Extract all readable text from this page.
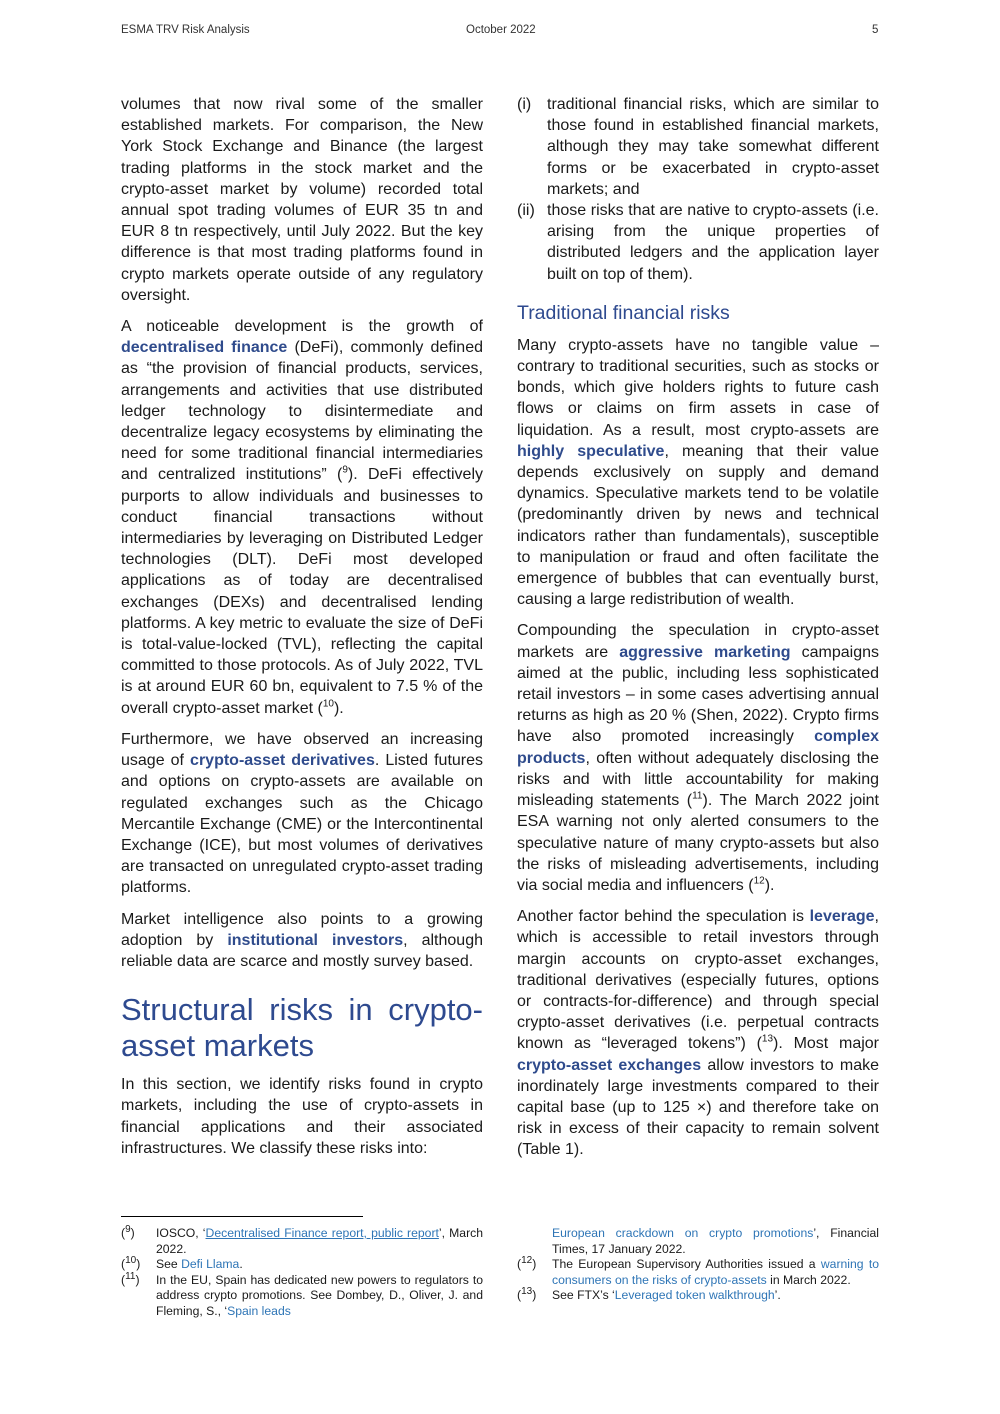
ESMA TRV Risk Analysis	October 2022	5

volumes that now rival some of the smaller established markets. For comparison, the New York Stock Exchange and Binance (the largest trading platforms in the stock market and the crypto-asset market by volume) recorded total annual spot trading volumes of EUR 35 tn and EUR 8 tn respectively, until July 2022. But the key difference is that most trading platforms found in crypto markets operate outside of any regulatory oversight.

A noticeable development is the growth of decentralised finance (DeFi), commonly defined as “the provision of financial products, services, arrangements and activities that use distributed ledger technology to disintermediate and decentralize legacy ecosystems by eliminating the need for some traditional financial intermediaries and centralized institutions” ($^9$). DeFi effectively purports to allow individuals and businesses to conduct financial transactions without intermediaries by leveraging on Distributed Ledger technologies (DLT). DeFi most developed applications as of today are decentralised exchanges (DEXs) and decentralised lending platforms. A key metric to evaluate the size of DeFi is total-value-locked (TVL), reflecting the capital committed to those protocols. As of July 2022, TVL is at around EUR 60 bn, equivalent to 7.5 % of the overall crypto-asset market ($^{10}$).

Furthermore, we have observed an increasing usage of crypto-asset derivatives. Listed futures and options on crypto-assets are available on regulated exchanges such as the Chicago Mercantile Exchange (CME) or the Intercontinental Exchange (ICE), but most volumes of derivatives are transacted on unregulated crypto-asset trading platforms.

Market intelligence also points to a growing adoption by institutional investors, although reliable data are scarce and mostly survey based.

Structural risks in crypto-asset markets

In this section, we identify risks found in crypto markets, including the use of crypto-assets in financial applications and their associated infrastructures. We classify these risks into:

(i) traditional financial risks, which are similar to those found in established financial markets, although they may take somewhat different forms or be exacerbated in crypto-asset markets; and
(ii) those risks that are native to crypto-assets (i.e. arising from the unique properties of distributed ledgers and the application layer built on top of them).
Traditional financial risks

Many crypto-assets have no tangible value – contrary to traditional securities, such as stocks or bonds, which give holders rights to future cash flows or claims on firm assets in case of liquidation. As a result, most crypto-assets are highly speculative, meaning that their value depends exclusively on supply and demand dynamics. Speculative markets tend to be volatile (predominantly driven by news and technical indicators rather than fundamentals), susceptible to manipulation or fraud and often facilitate the emergence of bubbles that can eventually burst, causing a large redistribution of wealth.

Compounding the speculation in crypto-asset markets are aggressive marketing campaigns aimed at the public, including less sophisticated retail investors – in some cases advertising annual returns as high as 20 % (Shen, 2022). Crypto firms have also promoted increasingly complex products, often without adequately disclosing the risks and with little accountability for making misleading statements ($^{11}$). The March 2022 joint ESA warning not only alerted consumers to the speculative nature of many crypto-assets but also the risks of misleading advertisements, including via social media and influencers ($^{12}$).

Another factor behind the speculation is leverage, which is accessible to retail investors through margin accounts on crypto-asset exchanges, traditional derivatives (especially futures, options or contracts-for-difference) and through special crypto-asset derivatives (i.e. perpetual contracts known as “leveraged tokens”) ($^{13}$). Most major crypto-asset exchanges allow investors to make inordinately large investments compared to their capital base (up to 125 ×) and therefore take on risk in excess of their capacity to remain solvent (Table 1).

($^9$)	IOSCO, ‘Decentralised Finance report, public report’, March 2022.
($^{10}$)	See Defi Llama.
($^{11}$)	In the EU, Spain has dedicated new powers to regulators to address crypto promotions. See Dombey, D., Oliver, J. and Fleming, S., ‘Spain leads
European crackdown on crypto promotions’, Financial Times, 17 January 2022.
($^{12}$)	The European Supervisory Authorities issued a warning to consumers on the risks of crypto-assets in March 2022.
($^{13}$)	See FTX’s ‘Leveraged token walkthrough’.
